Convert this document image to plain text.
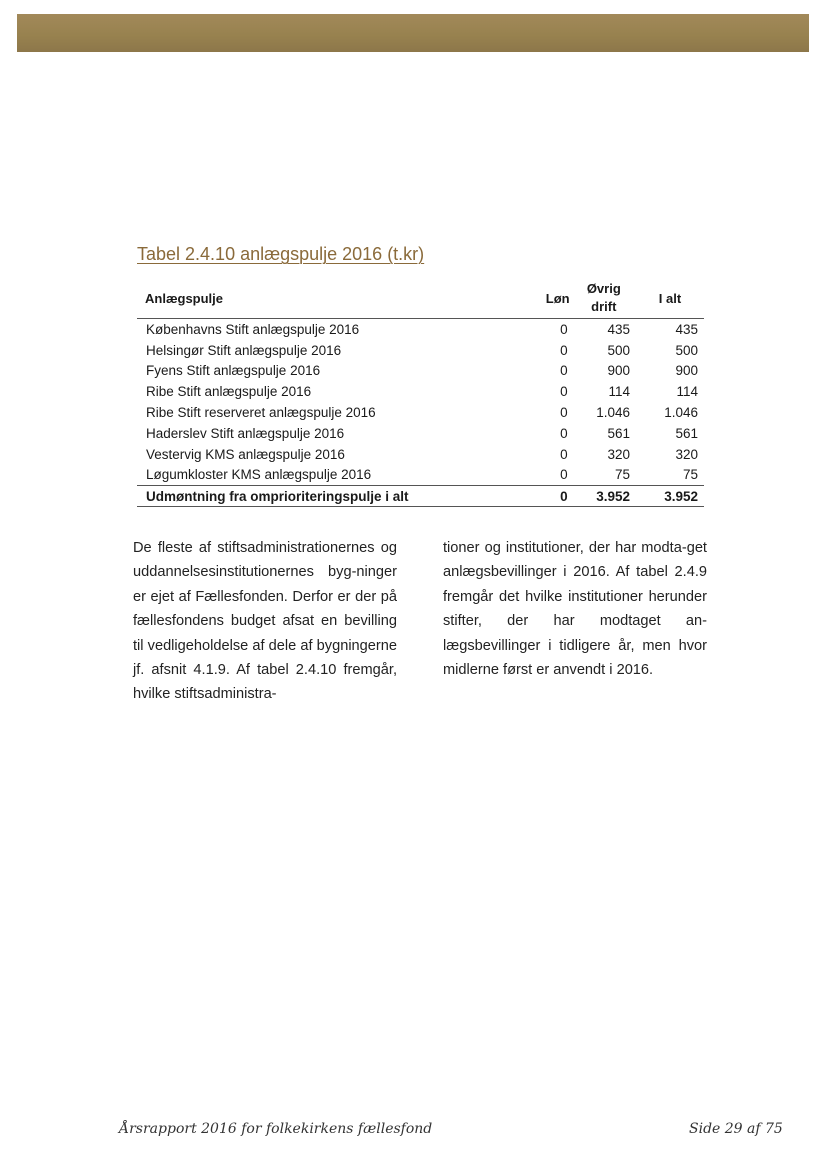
Tabel 2.4.10 anlægspulje 2016 (t.kr)
Anlægspulje	Løn	Øvrig drift	I alt
Københavns Stift anlægspulje 2016	0	435	435
Helsingør Stift anlægspulje 2016	0	500	500
Fyens Stift anlægspulje 2016	0	900	900
Ribe Stift anlægspulje 2016	0	114	114
Ribe Stift reserveret anlægspulje 2016	0	1.046	1.046
Haderslev Stift anlægspulje 2016	0	561	561
Vestervig KMS anlægspulje 2016	0	320	320
Løgumkloster KMS anlægspulje 2016	0	75	75
Udmøntning fra omprioriteringspulje i alt	0	3.952	3.952

De fleste af stiftsadministrationernes og uddannelsesinstitutionernes byg-ninger er ejet af Fællesfonden. Derfor er der på fællesfondens budget afsat en bevilling til vedligeholdelse af dele af bygningerne jf. afsnit 4.1.9. Af tabel 2.4.10 fremgår, hvilke stiftsadministra-

tioner og institutioner, der har modta-get anlægsbevillinger i 2016. Af tabel 2.4.9 fremgår det hvilke institutioner herunder stifter, der har modtaget an-lægsbevillinger i tidligere år, men hvor midlerne først er anvendt i 2016.

Årsrapport 2016 for folkekirkens fællesfond	Side 29 af 75
